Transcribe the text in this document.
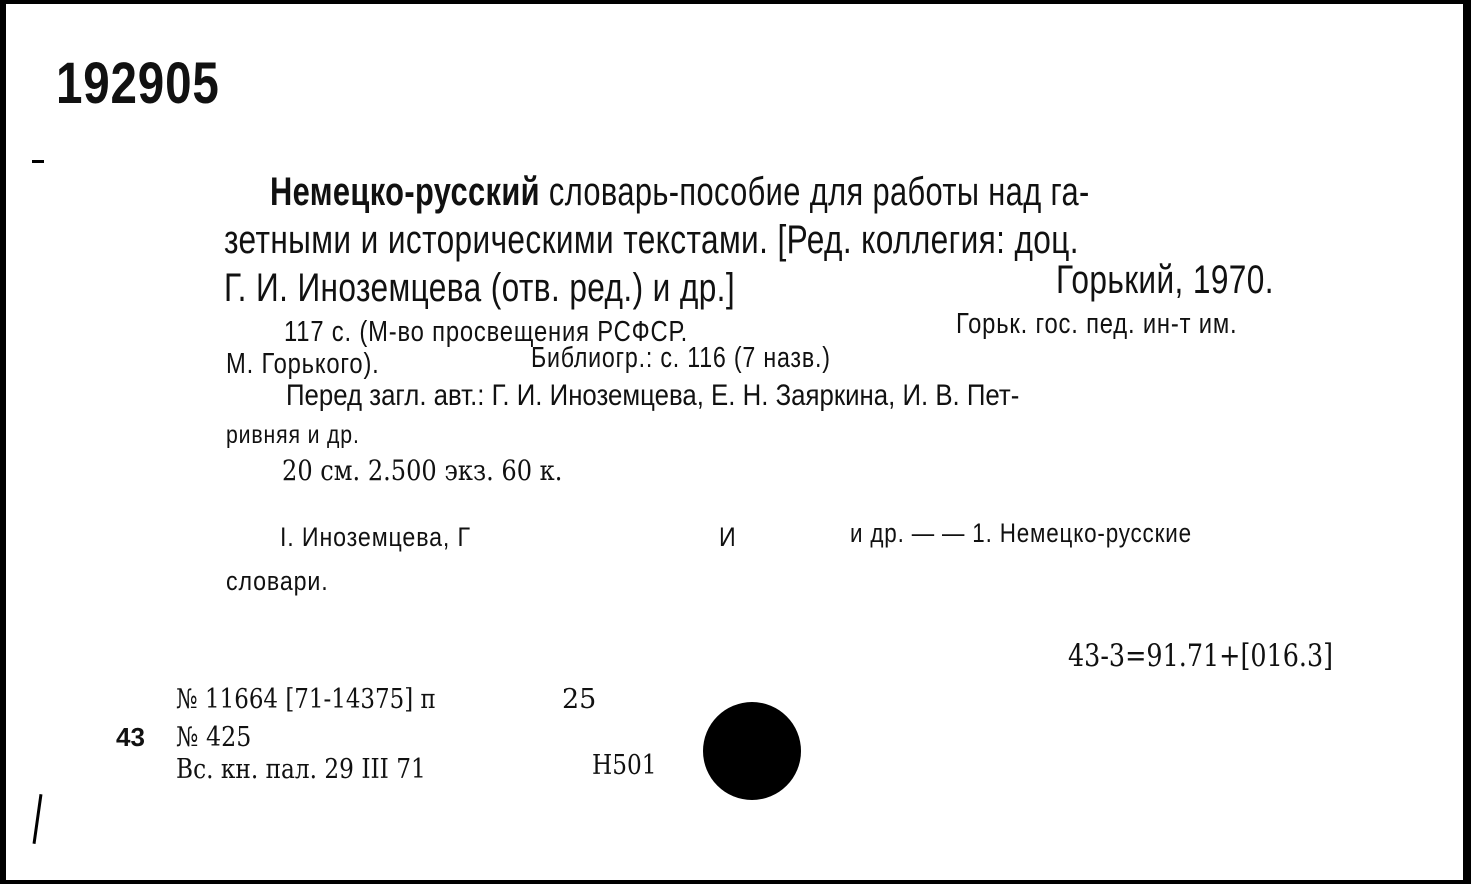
192905
Немецко-русский словарь-пособие для работы над га-
зетными и историческими текстами. [Ред. коллегия: доц.
Г. И. Иноземцева (отв. ред.) и др.]	Горький, 1970.
117 с. (М-во просвещения РСФСР.	Горьк. гос. пед. ин-т им.
М. Горького).	Библиогр.: с. 116 (7 назв.)
Перед загл. авт.: Г. И. Иноземцева, Е. Н. Заяркина, И. В. Пет-
ривняя и др.
20 см. 2.500 экз. 60 к.
I. Иноземцева, Г	И	и др. — — 1. Немецко-русские
словари.
43-3=91.71+[016.3]
№ 11664 [71-14375] п	25
43 № 425
Вс. кн. пал. 29 III 71	Н501
